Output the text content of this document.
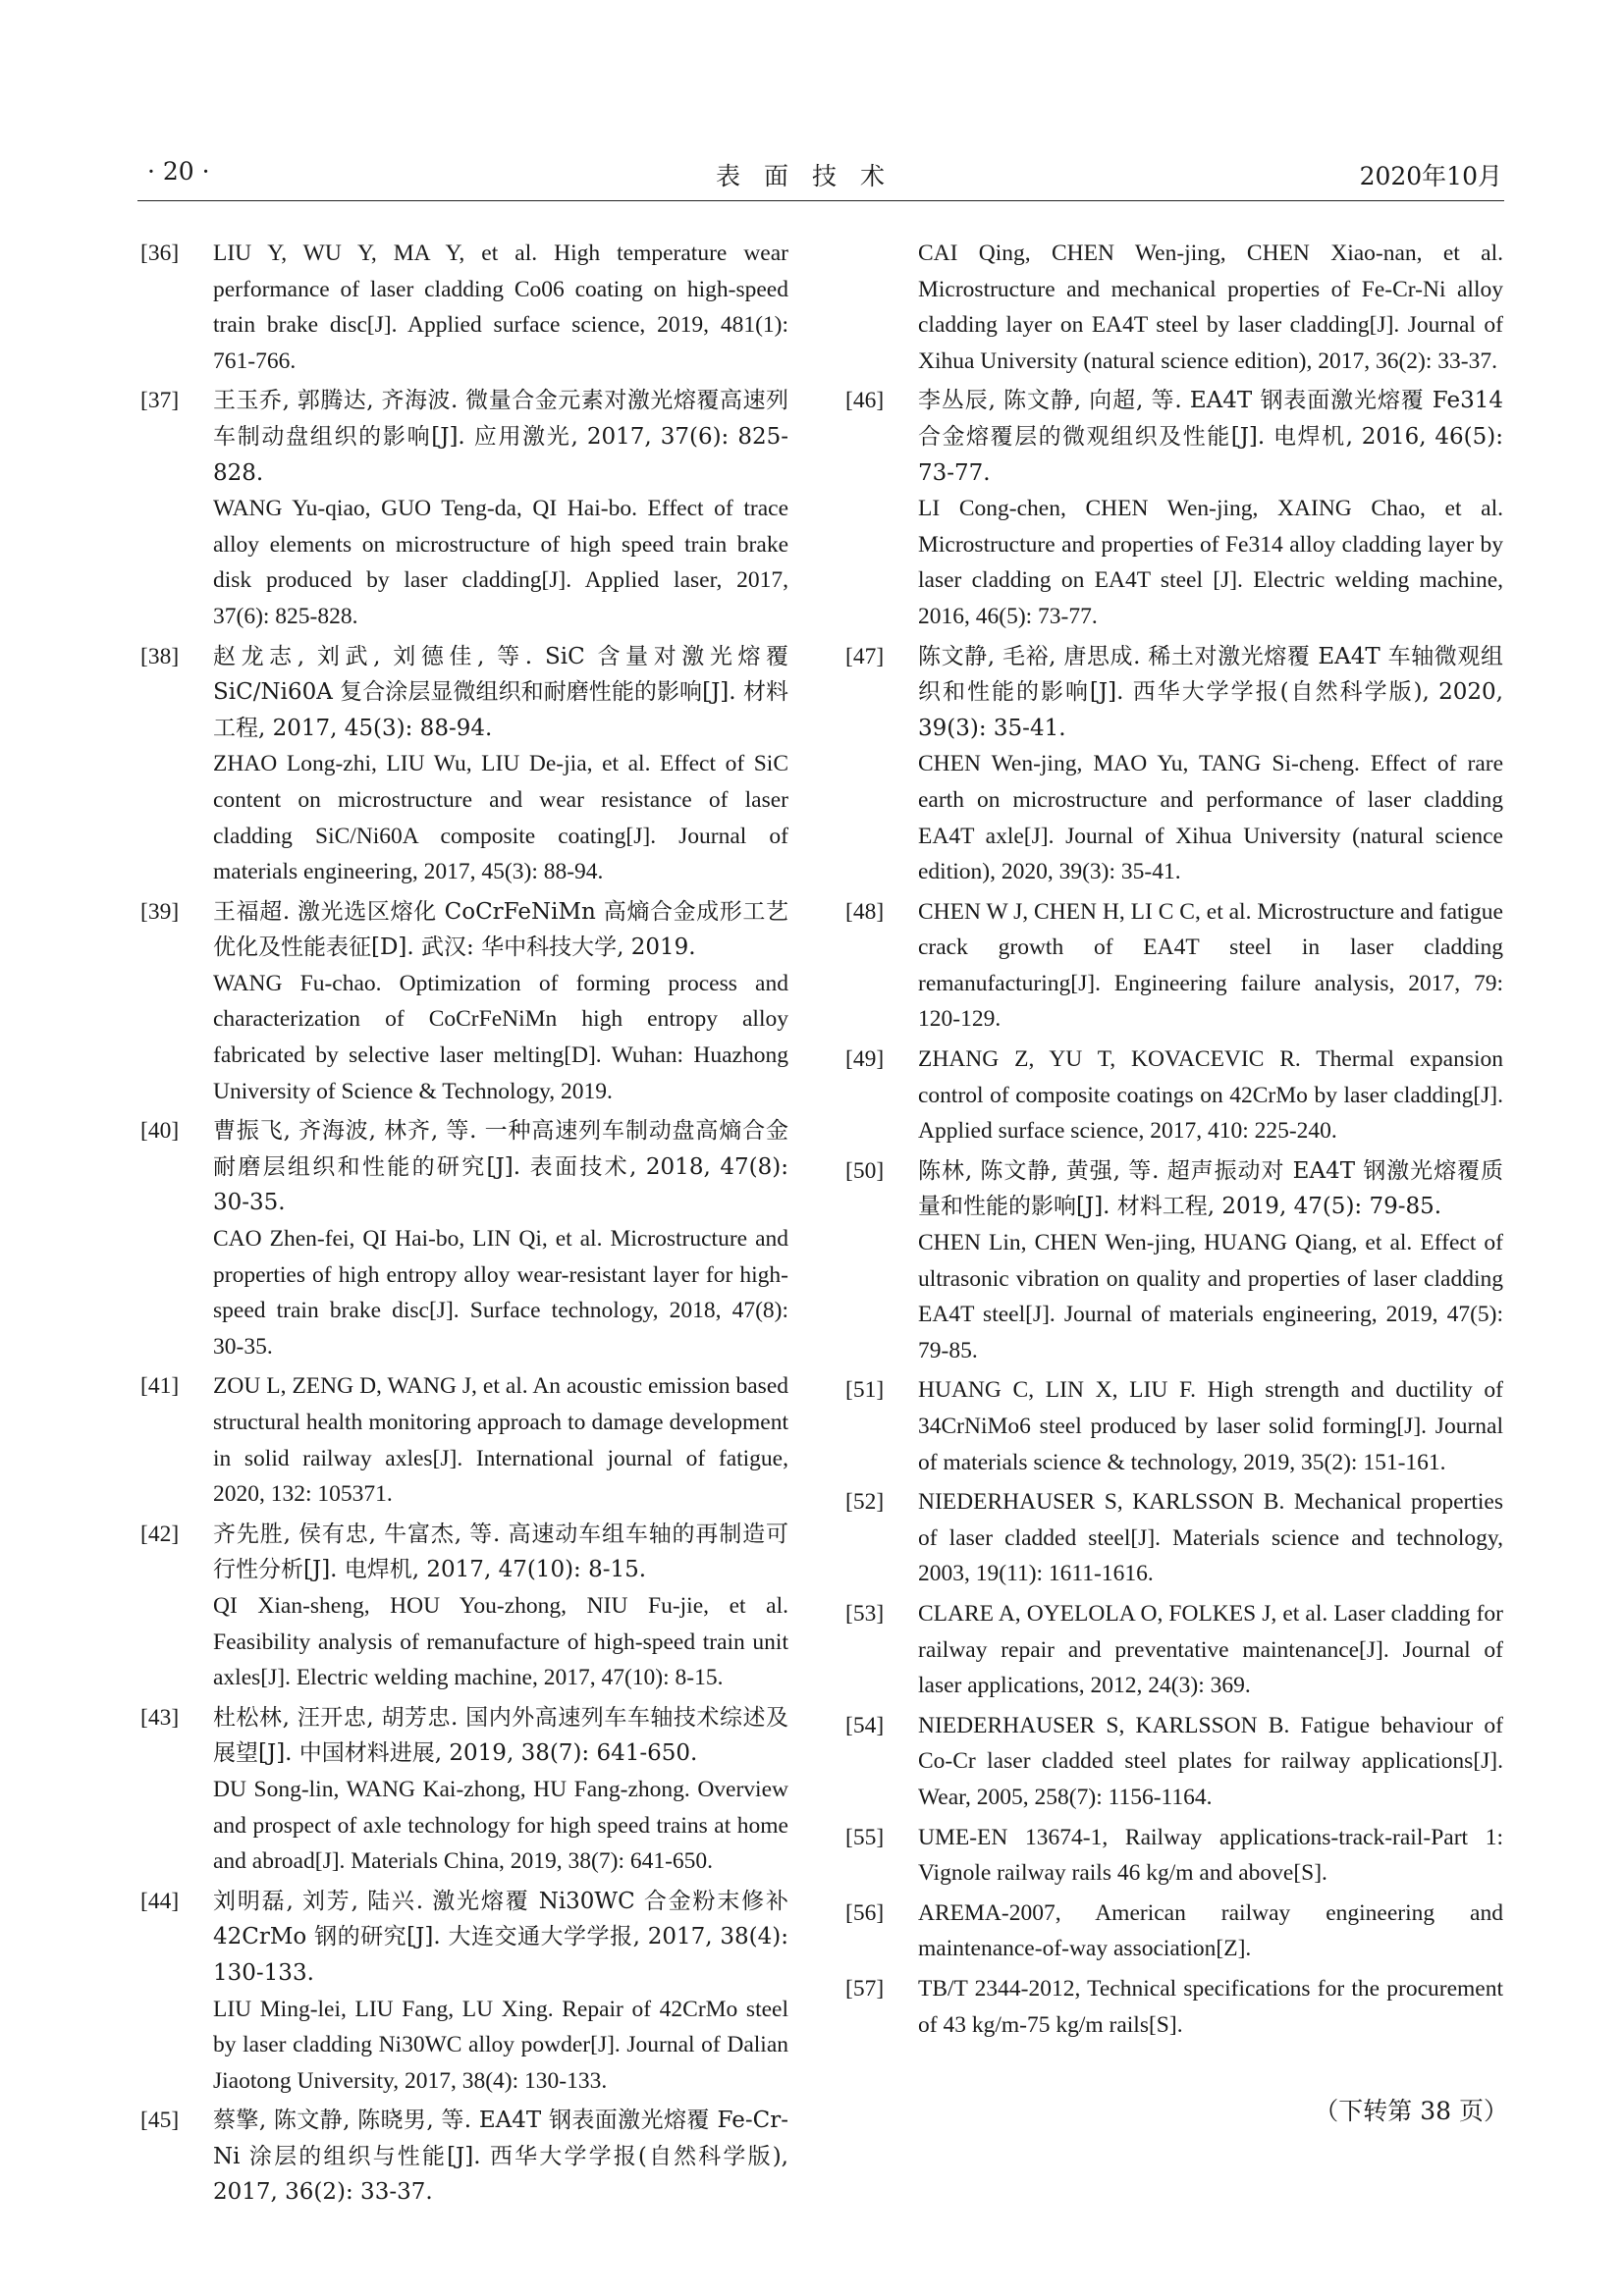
· 20 ·	表面技术	2020年10月
[36] LIU Y, WU Y, MA Y, et al. High temperature wear performance of laser cladding Co06 coating on high-speed train brake disc[J]. Applied surface science, 2019, 481(1): 761-766.

[37] 王玉乔, 郭腾达, 齐海波. 微量合金元素对激光熔覆高速列车制动盘组织的影响[J]. 应用激光, 2017, 37(6): 825-828.

WANG Yu-qiao, GUO Teng-da, QI Hai-bo. Effect of trace alloy elements on microstructure of high speed train brake disk produced by laser cladding[J]. Applied laser, 2017, 37(6): 825-828.

[38] 赵龙志, 刘武, 刘德佳, 等. SiC 含量对激光熔覆 SiC/Ni60A 复合涂层显微组织和耐磨性能的影响[J]. 材料工程, 2017, 45(3): 88-94.

ZHAO Long-zhi, LIU Wu, LIU De-jia, et al. Effect of SiC content on microstructure and wear resistance of laser cladding SiC/Ni60A composite coating[J]. Journal of materials engineering, 2017, 45(3): 88-94.

[39] 王福超. 激光选区熔化 CoCrFeNiMn 高熵合金成形工艺优化及性能表征[D]. 武汉: 华中科技大学, 2019.

WANG Fu-chao. Optimization of forming process and characterization of CoCrFeNiMn high entropy alloy fabricated by selective laser melting[D]. Wuhan: Huazhong University of Science & Technology, 2019.

[40] 曹振飞, 齐海波, 林齐, 等. 一种高速列车制动盘高熵合金耐磨层组织和性能的研究[J]. 表面技术, 2018, 47(8): 30-35.

CAO Zhen-fei, QI Hai-bo, LIN Qi, et al. Microstructure and properties of high entropy alloy wear-resistant layer for high-speed train brake disc[J]. Surface technology, 2018, 47(8): 30-35.

[41] ZOU L, ZENG D, WANG J, et al. An acoustic emission based structural health monitoring approach to damage development in solid railway axles[J]. International journal of fatigue, 2020, 132: 105371.

[42] 齐先胜, 侯有忠, 牛富杰, 等. 高速动车组车轴的再制造可行性分析[J]. 电焊机, 2017, 47(10): 8-15.

QI Xian-sheng, HOU You-zhong, NIU Fu-jie, et al. Feasibility analysis of remanufacture of high-speed train unit axles[J]. Electric welding machine, 2017, 47(10): 8-15.

[43] 杜松林, 汪开忠, 胡芳忠. 国内外高速列车车轴技术综述及展望[J]. 中国材料进展, 2019, 38(7): 641-650.

DU Song-lin, WANG Kai-zhong, HU Fang-zhong. Overview and prospect of axle technology for high speed trains at home and abroad[J]. Materials China, 2019, 38(7): 641-650.

[44] 刘明磊, 刘芳, 陆兴. 激光熔覆 Ni30WC 合金粉末修补 42CrMo 钢的研究[J]. 大连交通大学学报, 2017, 38(4): 130-133.

LIU Ming-lei, LIU Fang, LU Xing. Repair of 42CrMo steel by laser cladding Ni30WC alloy powder[J]. Journal of Dalian Jiaotong University, 2017, 38(4): 130-133.

[45] 蔡擎, 陈文静, 陈晓男, 等. EA4T 钢表面激光熔覆 Fe-Cr-Ni 涂层的组织与性能[J]. 西华大学学报(自然科学版), 2017, 36(2): 33-37.

CAI Qing, CHEN Wen-jing, CHEN Xiao-nan, et al. Microstructure and mechanical properties of Fe-Cr-Ni alloy cladding layer on EA4T steel by laser cladding[J]. Journal of Xihua University (natural science edition), 2017, 36(2): 33-37.

[46] 李丛辰, 陈文静, 向超, 等. EA4T 钢表面激光熔覆 Fe314 合金熔覆层的微观组织及性能[J]. 电焊机, 2016, 46(5): 73-77.

LI Cong-chen, CHEN Wen-jing, XAING Chao, et al. Microstructure and properties of Fe314 alloy cladding layer by laser cladding on EA4T steel [J]. Electric welding machine, 2016, 46(5): 73-77.

[47] 陈文静, 毛裕, 唐思成. 稀土对激光熔覆 EA4T 车轴微观组织和性能的影响[J]. 西华大学学报(自然科学版), 2020, 39(3): 35-41.

CHEN Wen-jing, MAO Yu, TANG Si-cheng. Effect of rare earth on microstructure and performance of laser cladding EA4T axle[J]. Journal of Xihua University (natural science edition), 2020, 39(3): 35-41.

[48] CHEN W J, CHEN H, LI C C, et al. Microstructure and fatigue crack growth of EA4T steel in laser cladding remanufacturing[J]. Engineering failure analysis, 2017, 79: 120-129.

[49] ZHANG Z, YU T, KOVACEVIC R. Thermal expansion control of composite coatings on 42CrMo by laser cladding[J]. Applied surface science, 2017, 410: 225-240.

[50] 陈林, 陈文静, 黄强, 等. 超声振动对 EA4T 钢激光熔覆质量和性能的影响[J]. 材料工程, 2019, 47(5): 79-85.

CHEN Lin, CHEN Wen-jing, HUANG Qiang, et al. Effect of ultrasonic vibration on quality and properties of laser cladding EA4T steel[J]. Journal of materials engineering, 2019, 47(5): 79-85.

[51] HUANG C, LIN X, LIU F. High strength and ductility of 34CrNiMo6 steel produced by laser solid forming[J]. Journal of materials science & technology, 2019, 35(2): 151-161.

[52] NIEDERHAUSER S, KARLSSON B. Mechanical properties of laser cladded steel[J]. Materials science and technology, 2003, 19(11): 1611-1616.

[53] CLARE A, OYELOLA O, FOLKES J, et al. Laser cladding for railway repair and preventative maintenance[J]. Journal of laser applications, 2012, 24(3): 369.

[54] NIEDERHAUSER S, KARLSSON B. Fatigue behaviour of Co-Cr laser cladded steel plates for railway applications[J]. Wear, 2005, 258(7): 1156-1164.

[55] UME-EN 13674-1, Railway applications-track-rail-Part 1: Vignole railway rails 46 kg/m and above[S].

[56] AREMA-2007, American railway engineering and maintenance-of-way association[Z].

[57] TB/T 2344-2012, Technical specifications for the procurement of 43 kg/m-75 kg/m rails[S].

（下转第 38 页）
